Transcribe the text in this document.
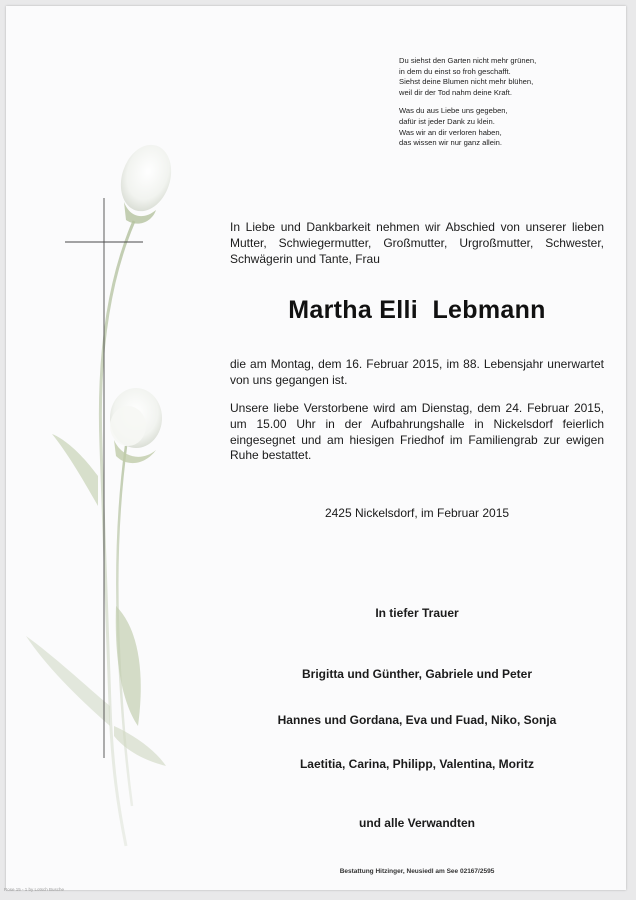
Du siehst den Garten nicht mehr grünen,
in dem du einst so froh geschafft.
Siehst deine Blumen nicht mehr blühen,
weil dir der Tod nahm deine Kraft.
Was du aus Liebe uns gegeben,
dafür ist jeder Dank zu klein.
Was wir an dir verloren haben,
das wissen wir nur ganz allein.
In Liebe und Dankbarkeit nehmen wir Abschied von unserer lieben Mutter, Schwiegermutter, Großmutter, Urgroßmutter, Schwester, Schwägerin und Tante, Frau
Martha Elli  Lebmann
die am Montag, dem 16. Februar 2015, im 88. Lebensjahr unerwartet von uns gegangen ist.
Unsere liebe Verstorbene wird am Dienstag, dem 24. Februar 2015, um 15.00 Uhr in der Aufbahrungshalle in Nickelsdorf feierlich eingesegnet und am hiesigen Friedhof im Familiengrab zur ewigen Ruhe bestattet.
2425 Nickelsdorf, im Februar 2015
In tiefer Trauer
Brigitta und Günther, Gabriele und Peter
Hannes und Gordana, Eva und Fuad, Niko, Sonja
Laetitia, Carina, Philipp, Valentina, Moritz
und alle Verwandten
Bestattung Hitzinger, Neusiedl am See 02167/2595
Rose 15 - 1 by Lotsch Busche
